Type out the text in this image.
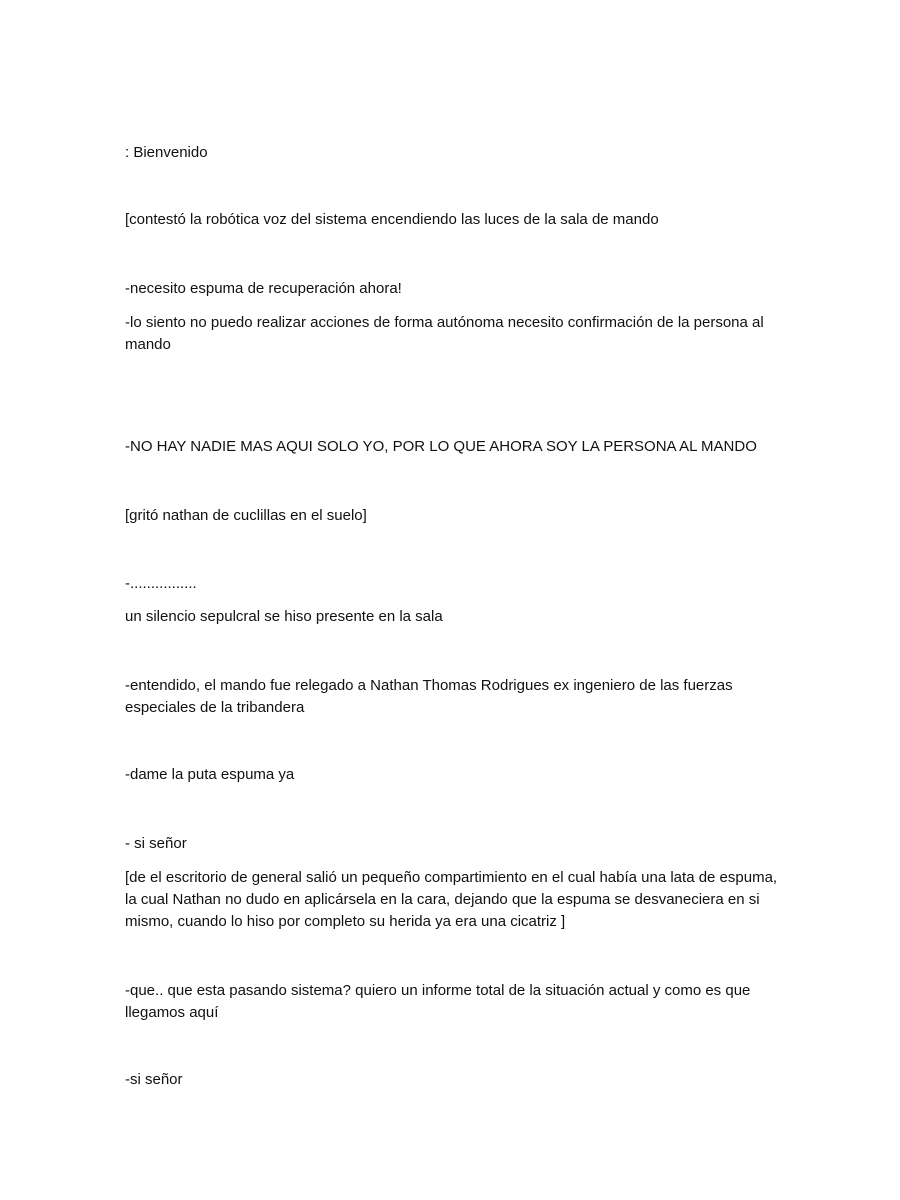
: Bienvenido

[contestó la robótica voz del sistema encendiendo las luces de la sala de mando

-necesito espuma de recuperación ahora!

-lo siento no puedo realizar acciones de forma autónoma necesito confirmación de la persona al mando

-NO HAY NADIE MAS AQUI SOLO YO, POR LO QUE AHORA SOY LA PERSONA AL MANDO

[gritó nathan de cuclillas en el suelo]

-................

un silencio sepulcral se hiso presente en la sala

-entendido, el mando fue relegado a Nathan Thomas Rodrigues ex ingeniero de las fuerzas especiales de la tribandera

-dame la puta espuma ya

- si señor

[de el escritorio de general salió un pequeño compartimiento en el cual había una lata de espuma, la cual Nathan no dudo en aplicársela en la cara, dejando que la espuma se desvaneciera en si mismo, cuando lo hiso por completo su herida ya era una cicatriz ]

-que.. que esta pasando sistema? quiero un informe total de la situación actual y como es que llegamos aquí

-si señor
